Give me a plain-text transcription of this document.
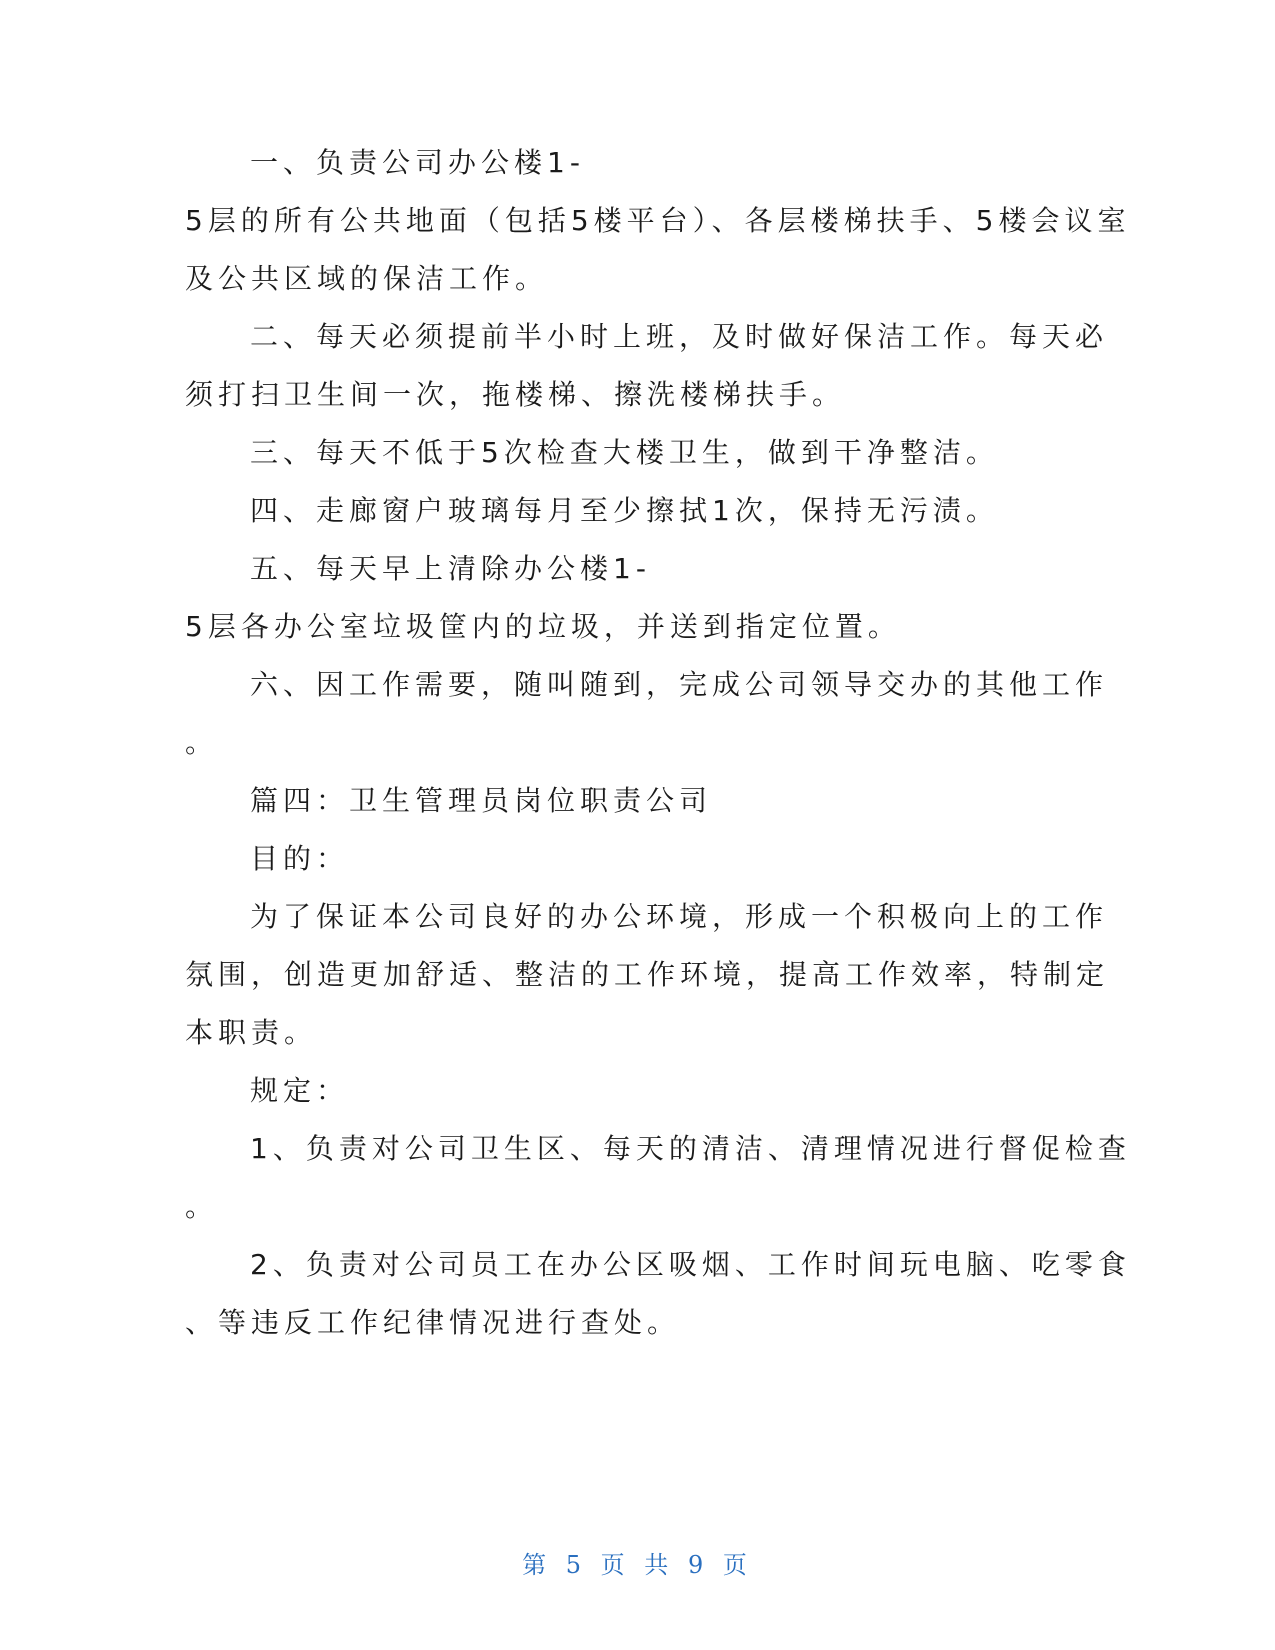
一、负责公司办公楼1-
5层的所有公共地面（包括5楼平台）、各层楼梯扶手、5楼会议室
及公共区域的保洁工作。
二、每天必须提前半小时上班，及时做好保洁工作。每天必
须打扫卫生间一次，拖楼梯、擦洗楼梯扶手。
三、每天不低于5次检查大楼卫生，做到干净整洁。
四、走廊窗户玻璃每月至少擦拭1次，保持无污渍。
五、每天早上清除办公楼1-
5层各办公室垃圾筐内的垃圾，并送到指定位置。
六、因工作需要，随叫随到，完成公司领导交办的其他工作
。
篇四：卫生管理员岗位职责公司
目的：
为了保证本公司良好的办公环境，形成一个积极向上的工作
氛围，创造更加舒适、整洁的工作环境，提高工作效率，特制定
本职责。
规定：
1、负责对公司卫生区、每天的清洁、清理情况进行督促检查
。
2、负责对公司员工在办公区吸烟、工作时间玩电脑、吃零食
、等违反工作纪律情况进行查处。
第 5 页 共 9 页
